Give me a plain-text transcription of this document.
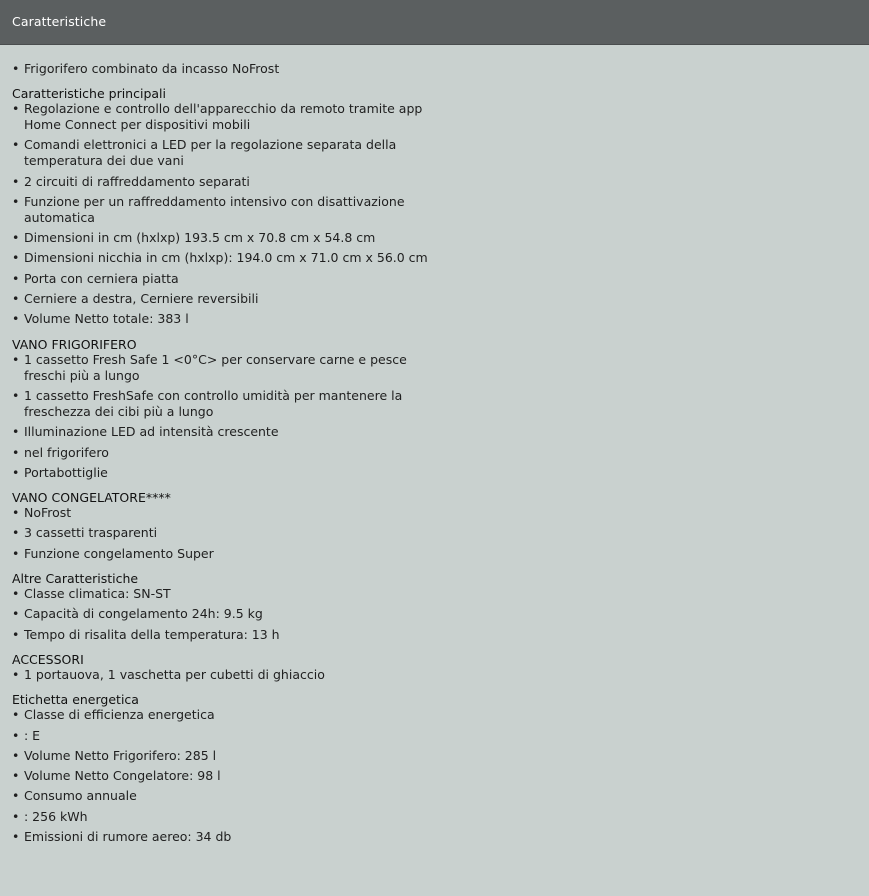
Caratteristiche
• Frigorifero combinato da incasso NoFrost
Caratteristiche principali
• Regolazione e controllo dell'apparecchio da remoto tramite app Home Connect per dispositivi mobili
• Comandi elettronici a LED per la regolazione separata della temperatura dei due vani
• 2 circuiti di raffreddamento separati
• Funzione per un raffreddamento intensivo con disattivazione automatica
• Dimensioni in cm (hxlxp) 193.5 cm x 70.8 cm x 54.8 cm
• Dimensioni nicchia in cm (hxlxp): 194.0 cm x 71.0 cm x 56.0 cm
• Porta con cerniera piatta
• Cerniere a destra, Cerniere reversibili
• Volume Netto totale: 383 l
VANO FRIGORIFERO
• 1 cassetto Fresh Safe 1 <0°C> per conservare carne e pesce freschi più a lungo
• 1 cassetto FreshSafe con controllo umidità per mantenere la freschezza dei cibi più a lungo
• Illuminazione LED ad intensità crescente
• nel frigorifero
• Portabottiglie
VANO CONGELATORE****
• NoFrost
• 3 cassetti trasparenti
• Funzione congelamento Super
Altre Caratteristiche
• Classe climatica: SN-ST
• Capacità di congelamento 24h: 9.5 kg
• Tempo di risalita della temperatura: 13 h
ACCESSORI
• 1 portauova, 1 vaschetta per cubetti di ghiaccio
Etichetta energetica
• Classe di efficienza energetica
• : E
• Volume Netto Frigorifero: 285 l
• Volume Netto Congelatore: 98 l
• Consumo annuale
• : 256 kWh
• Emissioni di rumore aereo: 34 db
